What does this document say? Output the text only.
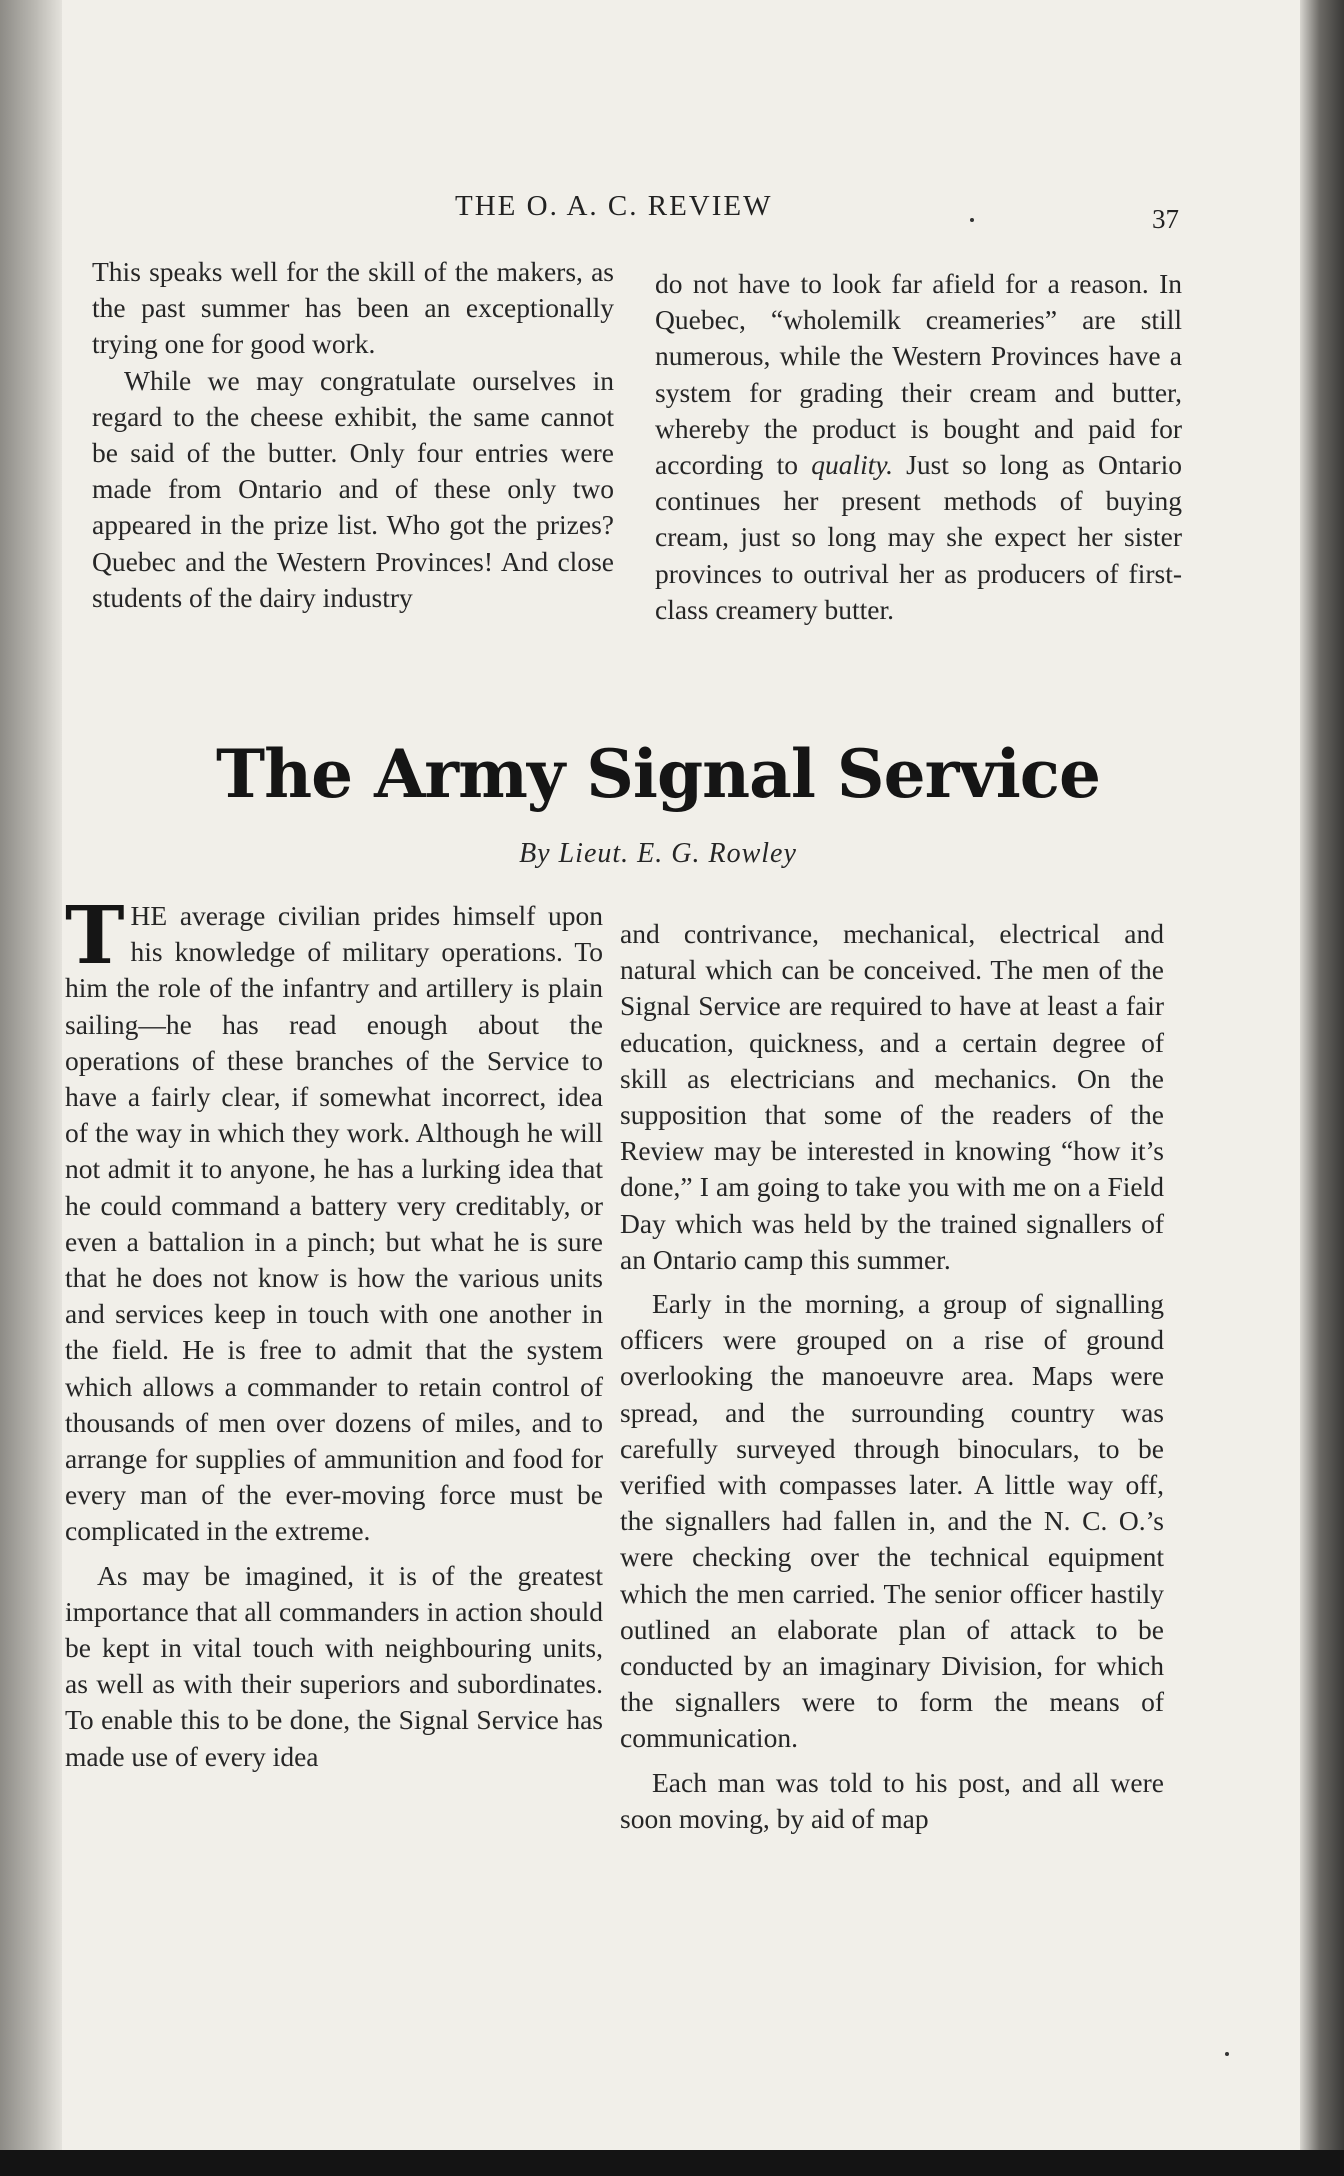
THE O. A. C. REVIEW	37

This speaks well for the skill of the makers, as the past summer has been an exceptionally trying one for good work.

While we may congratulate ourselves in regard to the cheese exhibit, the same cannot be said of the butter. Only four entries were made from Ontario and of these only two appeared in the prize list. Who got the prizes? Quebec and the Western Provinces! And close students of the dairy industry

do not have to look far afield for a reason. In Quebec, “wholemilk creameries” are still numerous, while the Western Provinces have a system for grading their cream and butter, whereby the product is bought and paid for according to quality. Just so long as Ontario continues her present methods of buying cream, just so long may she expect her sister provinces to outrival her as producers of first-class creamery butter.

The Army Signal Service
By Lieut. E. G. Rowley

THE average civilian prides himself upon his knowledge of military operations. To him the role of the infantry and artillery is plain sailing—he has read enough about the operations of these branches of the Service to have a fairly clear, if somewhat incorrect, idea of the way in which they work. Although he will not admit it to anyone, he has a lurking idea that he could command a battery very creditably, or even a battalion in a pinch; but what he is sure that he does not know is how the various units and services keep in touch with one another in the field. He is free to admit that the system which allows a commander to retain control of thousands of men over dozens of miles, and to arrange for supplies of ammunition and food for every man of the ever-moving force must be complicated in the extreme.

As may be imagined, it is of the greatest importance that all commanders in action should be kept in vital touch with neighbouring units, as well as with their superiors and subordinates. To enable this to be done, the Signal Service has made use of every idea

and contrivance, mechanical, electrical and natural which can be conceived. The men of the Signal Service are required to have at least a fair education, quickness, and a certain degree of skill as electricians and mechanics. On the supposition that some of the readers of the Review may be interested in knowing “how it’s done,” I am going to take you with me on a Field Day which was held by the trained signallers of an Ontario camp this summer.

Early in the morning, a group of signalling officers were grouped on a rise of ground overlooking the manoeuvre area. Maps were spread, and the surrounding country was carefully surveyed through binoculars, to be verified with compasses later. A little way off, the signallers had fallen in, and the N. C. O.’s were checking over the technical equipment which the men carried. The senior officer hastily outlined an elaborate plan of attack to be conducted by an imaginary Division, for which the signallers were to form the means of communication.

Each man was told to his post, and all were soon moving, by aid of map
